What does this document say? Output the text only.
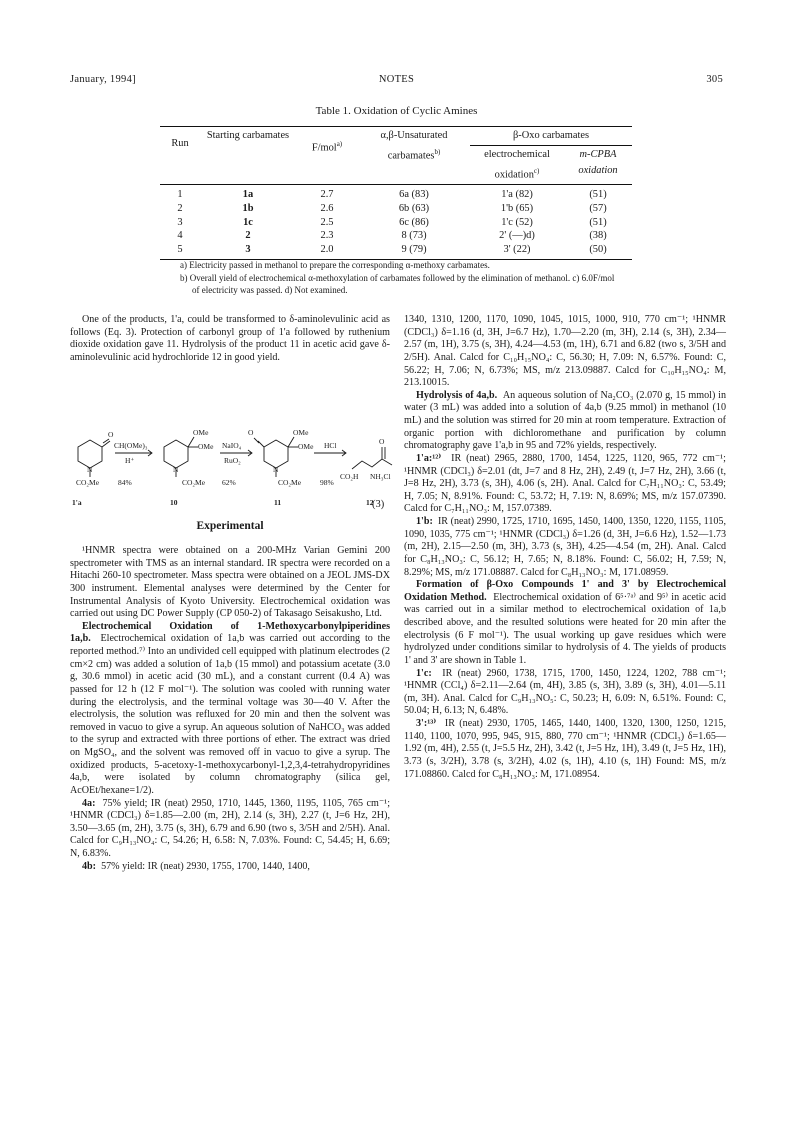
January, 1994]	NOTES	305
Table 1. Oxidation of Cyclic Amines
Run	Starting carbamates	F/mol$^{a)}$	α,β-Unsaturated carbamates$^{b)}$	β-Oxo carbamates	
				electrochemical oxidation$^{c)}$	m-CPBA oxidation
1	1a	2.7	6a (83)	1'a (82)	(51)
2	1b	2.6	6b (63)	1'b (65)	(57)
3	1c	2.5	6c (86)	1'c (52)	(51)
4	2	2.3	8 (73)	2' (—)d)	(38)
5	3	2.0	9 (79)	3' (22)	(50)
a) Electricity passed in methanol to prepare the corresponding α-methoxy carbamates.
b) Overall yield of electrochemical α-methoxylation of carbamates followed by the elimination of methanol. c) 6.0F/mol of electricity was passed. d) Not examined.

One of the products, 1'a, could be transformed to δ-aminolevulinic acid as follows (Eq. 3). Protection of carbonyl group of 1'a followed by ruthenium dioxide oxidation gave 11. Hydrolysis of the product 11 in acetic acid gave δ-aminolevulinic acid hydrochloride 12 in good yield.

O
N
CO₂Me
CH(OMe)₃
H⁺
84%
OMe
OMe
N
CO₂Me
NaIO₄
RuO₂
62%
O	OMe
OMe
N
CO₂Me
HCl
98%
O
CO₂H NH₃Cl
1'a	10	11	12
(3)
Experimental

¹HNMR spectra were obtained on a 200-MHz Varian Gemini 200 spectrometer with TMS as an internal standard. IR spectra were recorded on a Hitachi 260-10 spectrometer. Mass spectra were obtained on a JEOL JMS-DX 300 instrument. Elemental analyses were determined by the Center for Instrumental Analysis of Kyoto University. Electrochemical oxidation was carried out using DC Power Supply (CP 050-2) of Takasago Seisakusho, Ltd.

Electrochemical Oxidation of 1-Methoxycarbonylpiperidines 1a,b. Electrochemical oxidation of 1a,b was carried out according to the reported method.⁷⁾ Into an undivided cell equipped with platinum electrodes (2 cm×2 cm) was added a solution of 1a,b (15 mmol) and potassium acetate (3.0 g, 30.6 mmol) in acetic acid (30 mL), and a constant current (0.4 A) was passed for 12 h (12 F mol⁻¹). The solution was cooled with running water during the electrolysis, and the terminal voltage was 30—40 V. After the electrolysis, the solution was refluxed for 20 min and then the solvent was removed in vacuo to give a syrup. An aqueous solution of NaHCO₃ was added to the syrup and extracted with three portions of ether. The extract was dried on MgSO₄, and the solvent was removed off in vacuo to give a syrup. The oxidized products, 5-acetoxy-1-methoxycarbonyl-1,2,3,4-tetrahydropyridines 4a,b, were isolated by column chromatography (silica gel, AcOEt/hexane=1/2).

4a: 75% yield; IR (neat) 2950, 1710, 1445, 1360, 1195, 1105, 765 cm⁻¹; ¹HNMR (CDCl₃) δ=1.85—2.00 (m, 2H), 2.14 (s, 3H), 2.27 (t, J=6 Hz, 2H), 3.50—3.65 (m, 2H), 3.75 (s, 3H), 6.79 and 6.90 (two s, 3/5H and 2/5H). Anal. Calcd for C₉H₁₃NO₄: C, 54.26; H, 6.58: N, 7.03%. Found: C, 54.45; H, 6.69; N, 6.83%.

4b: 57% yield: IR (neat) 2930, 1755, 1700, 1440, 1400,

1340, 1310, 1200, 1170, 1090, 1045, 1015, 1000, 910, 770 cm⁻¹; ¹HNMR (CDCl₃) δ=1.16 (d, 3H, J=6.7 Hz), 1.70—2.20 (m, 3H), 2.14 (s, 3H), 2.34—2.57 (m, 1H), 3.75 (s, 3H), 4.24—4.53 (m, 1H), 6.71 and 6.82 (two s, 3/5H and 2/5H). Anal. Calcd for C₁₀H₁₅NO₄: C, 56.30; H, 7.09: N, 6.57%. Found: C, 56.22; H, 7.06; N, 6.73%; MS, m/z 213.09887. Calcd for C₁₀H₁₅NO₄: M, 213.10015.

Hydrolysis of 4a,b. An aqueous solution of Na₂CO₃ (2.070 g, 15 mmol) in water (3 mL) was added into a solution of 4a,b (9.25 mmol) in methanol (10 mL) and the solution was stirred for 20 min at room temperature. Extraction of organic portion with dichloromethane and purification by column chromatography gave 1'a,b in 95 and 72% yields, respectively.

1'a:¹²⁾ IR (neat) 2965, 2880, 1700, 1454, 1225, 1120, 965, 772 cm⁻¹; ¹HNMR (CDCl₃) δ=2.01 (dt, J=7 and 8 Hz, 2H), 2.49 (t, J=7 Hz, 2H), 3.66 (t, J=8 Hz, 2H), 3.73 (s, 3H), 4.06 (s, 2H). Anal. Calcd for C₇H₁₁NO₃: C, 53.49; H, 7.05; N, 8.91%. Found: C, 53.72; H, 7.19: N, 8.69%; MS, m/z 157.07390. Calcd for C₇H₁₁NO₃: M, 157.07389.

1'b: IR (neat) 2990, 1725, 1710, 1695, 1450, 1400, 1350, 1220, 1155, 1105, 1090, 1035, 775 cm⁻¹; ¹HNMR (CDCl₃) δ=1.26 (d, 3H, J=6.6 Hz), 1.52—1.73 (m, 2H), 2.15—2.50 (m, 3H), 3.73 (s, 3H), 4.25—4.54 (m, 2H). Anal. Calcd for C₈H₁₃NO₃: C, 56.12; H, 7.65; N, 8.18%. Found: C, 56.02; H, 7.59; N, 8.29%; MS, m/z 171.08887. Calcd for C₈H₁₃NO₃: M, 171.08959.

Formation of β-Oxo Compounds 1' and 3' by Electrochemical Oxidation Method. Electrochemical oxidation of 6⁵·⁷ᵃ⁾ and 9⁵⁾ in acetic acid was carried out in a similar method to electrochemical oxidation of 1a,b described above, and the resulted solutions were heated for 20 min after the electrolysis (6 F mol⁻¹). The usual working up gave residues which were hydrolyzed under conditions similar to hydrolysis of 4. The yields of products 1' and 3' are shown in Table 1.

1'c: IR (neat) 2960, 1738, 1715, 1700, 1450, 1224, 1202, 788 cm⁻¹; ¹HNMR (CCl₄) δ=2.11—2.64 (m, 4H), 3.85 (s, 3H), 3.89 (s, 3H), 4.01—5.11 (m, 3H). Anal. Calcd for C₉H₁₃NO₅: C, 50.23; H, 6.09: N, 6.51%. Found: C, 50.04; H, 6.13; N, 6.48%.

3':¹³⁾ IR (neat) 2930, 1705, 1465, 1440, 1400, 1320, 1300, 1250, 1215, 1140, 1100, 1070, 995, 945, 915, 880, 770 cm⁻¹; ¹HNMR (CDCl₃) δ=1.65—1.92 (m, 4H), 2.55 (t, J=5.5 Hz, 2H), 3.42 (t, J=5 Hz, 1H), 3.49 (t, J=5 Hz, 1H), 3.73 (s, 3/2H), 3.78 (s, 3/2H), 4.02 (s, 1H), 4.10 (s, 1H) Found: MS, m/z 171.08860. Calcd for C₈H₁₃NO₃: M, 171.08954.
